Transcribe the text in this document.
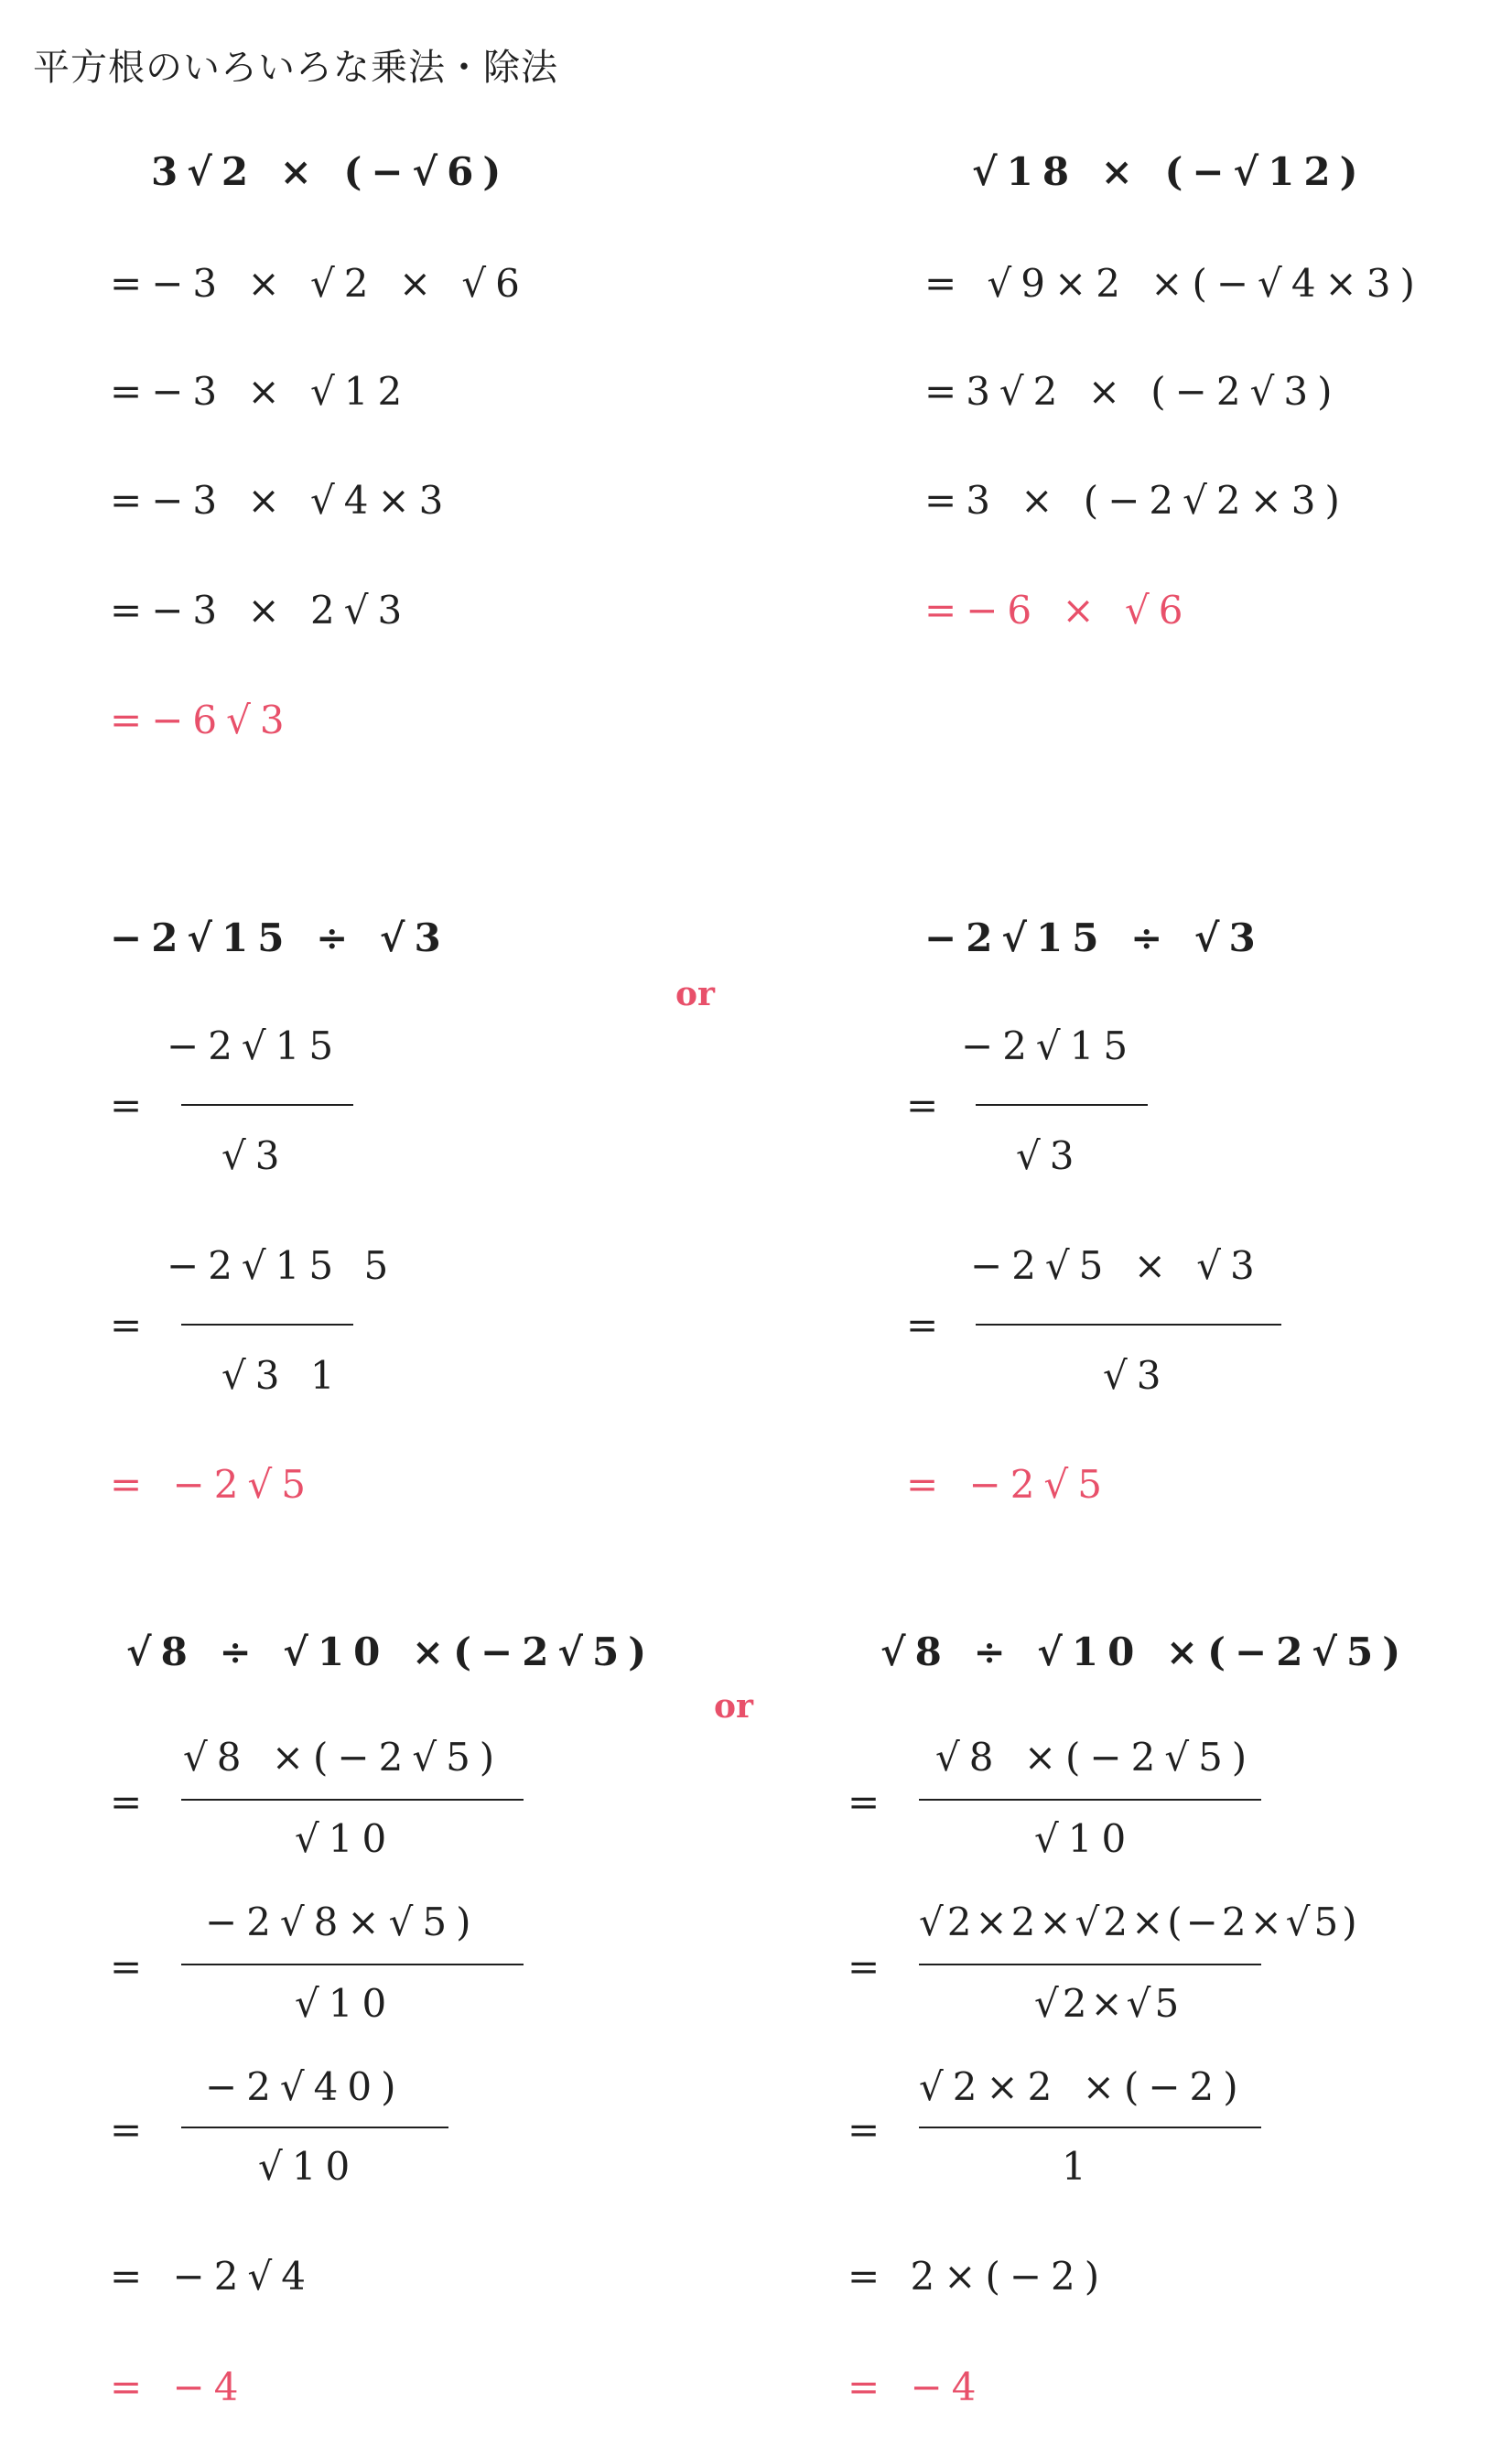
平方根のいろいろな乗法・除法
3√2 × (−√6)
=−3 × √2 × √6
=−3 × √12
=−3 × √4×3
=−3 × 2√3
=−6√3
√18 × (−√12)
= √9×2 ×(−√4×3)
=3√2 × (−2√3)
=3 × (−2√2×3)
=−6 × √6
−2√15 ÷ √3
or
=
−2√15
√3
=
−2√15 5
√3 1
= −2√5
−2√15 ÷ √3
=
−2√15
√3
=
−2√5 × √3
√3
= −2√5
√8 ÷ √10 ×(−2√5)
or
=
√8 ×(−2√5)
√10
=
−2√8×√5)
√10
=
−2√40)
√10
= −2√4
= −4
√8 ÷ √10 ×(−2√5)
=
√8 ×(−2√5)
√10
=
√2×2×√2×(−2×√5)
√2×√5
=
√2×2 ×(−2)
1
= 2×(−2)
= −4
